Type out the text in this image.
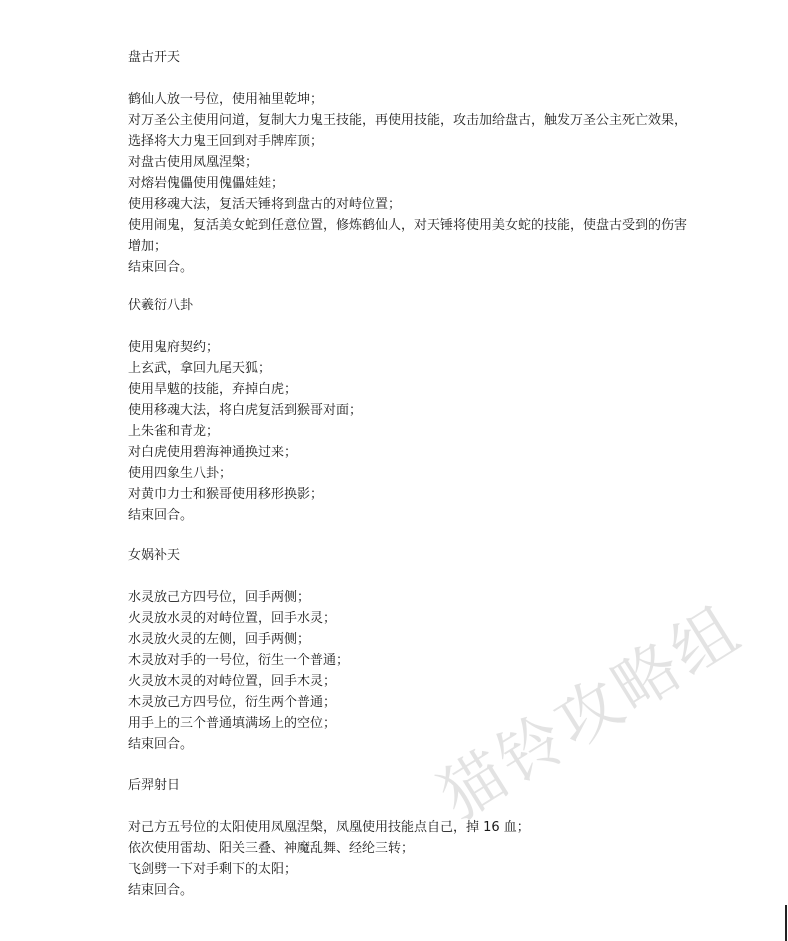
盘古开天
鹤仙人放一号位，使用袖里乾坤；
对万圣公主使用问道，复制大力鬼王技能，再使用技能，攻击加给盘古，触发万圣公主死亡效果，选择将大力鬼王回到对手牌库顶；
对盘古使用凤凰涅槃；
对熔岩傀儡使用傀儡娃娃；
使用移魂大法，复活天锤将到盘古的对峙位置；
使用闹鬼，复活美女蛇到任意位置，修炼鹤仙人，对天锤将使用美女蛇的技能，使盘古受到的伤害增加；
结束回合。
伏羲衍八卦
使用鬼府契约；
上玄武，拿回九尾天狐；
使用旱魃的技能，弃掉白虎；
使用移魂大法，将白虎复活到猴哥对面；
上朱雀和青龙；
对白虎使用碧海神通换过来；
使用四象生八卦；
对黄巾力士和猴哥使用移形换影；
结束回合。
女娲补天
水灵放己方四号位，回手两侧；
火灵放水灵的对峙位置，回手水灵；
水灵放火灵的左侧，回手两侧；
木灵放对手的一号位，衍生一个普通；
火灵放木灵的对峙位置，回手木灵；
木灵放己方四号位，衍生两个普通；
用手上的三个普通填满场上的空位；
结束回合。
后羿射日
对己方五号位的太阳使用凤凰涅槃，凤凰使用技能点自己，掉 16 血；
依次使用雷劫、阳关三叠、神魔乱舞、经纶三转；
飞剑劈一下对手剩下的太阳；
结束回合。
猫铃攻略组
